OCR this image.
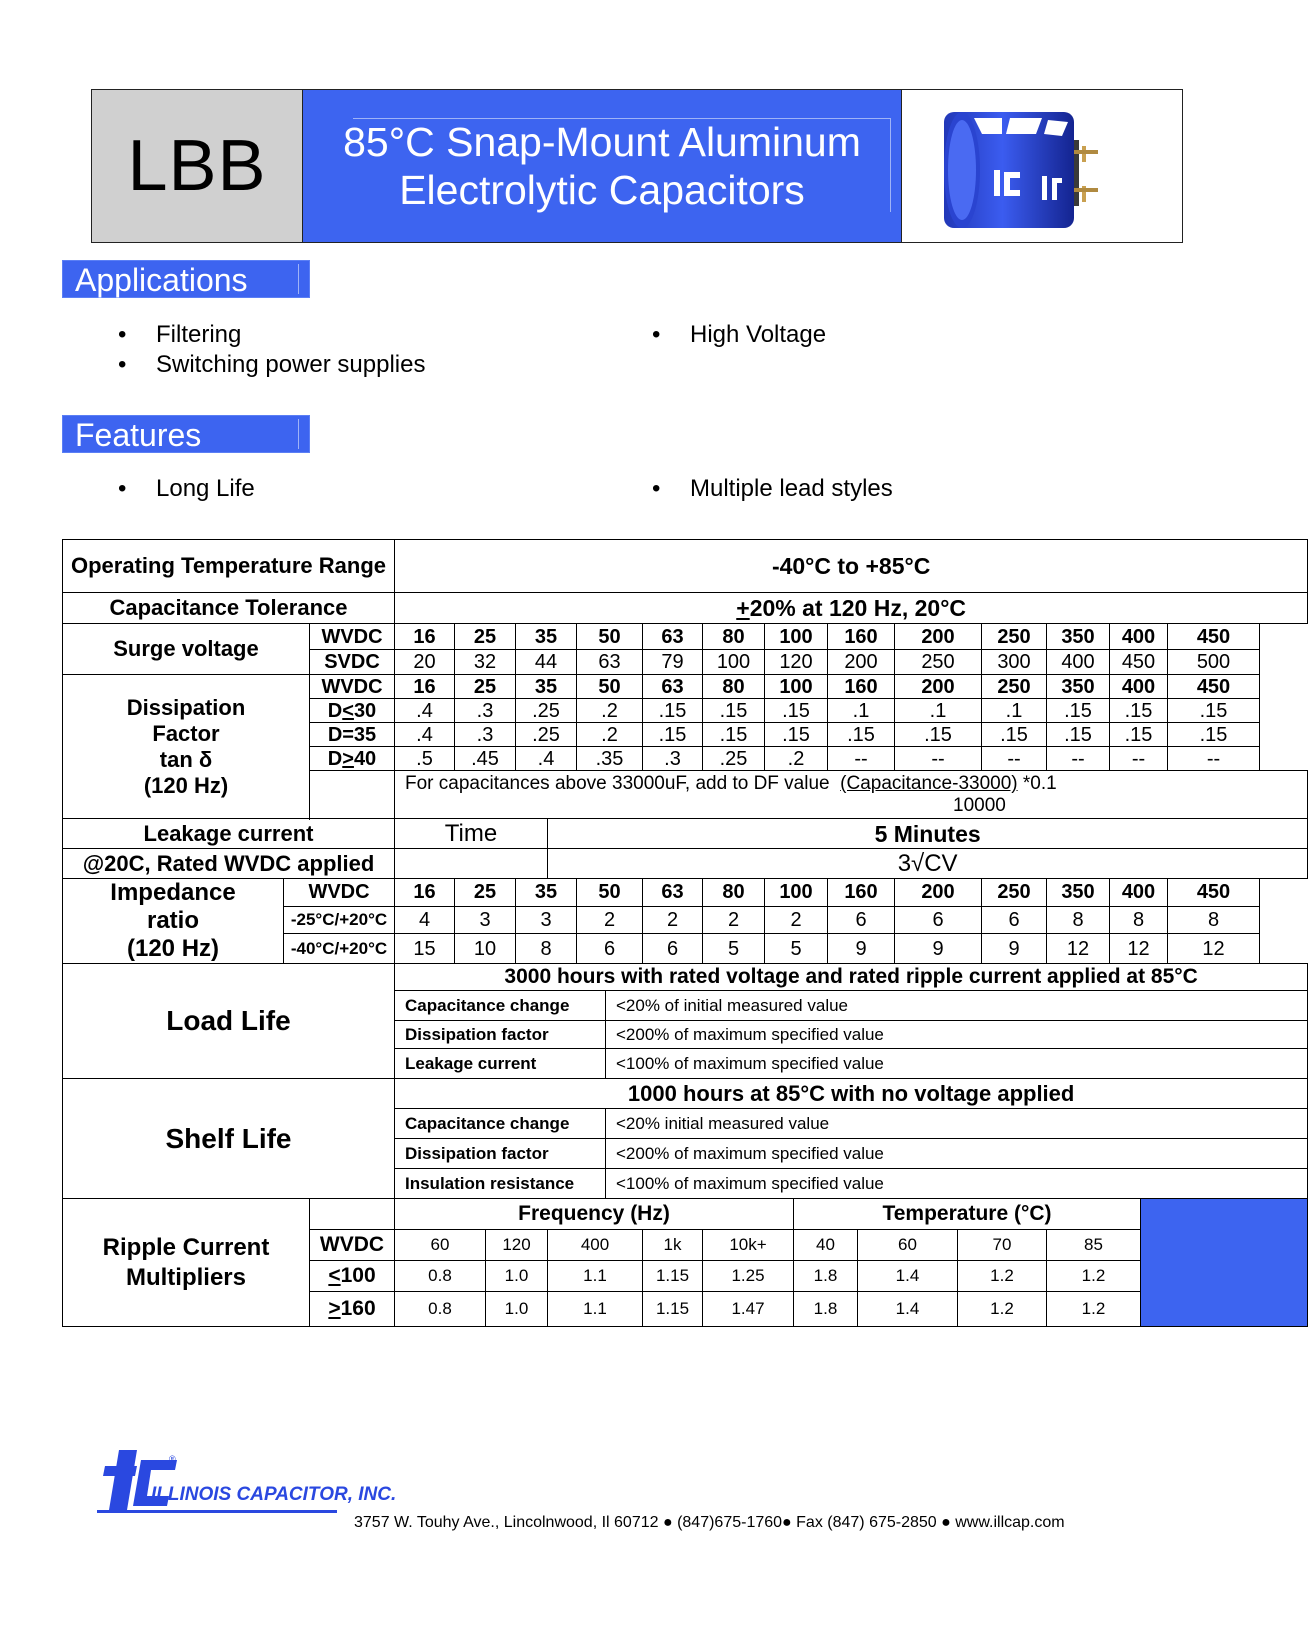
LBB	85°C Snap-Mount Aluminum
Electrolytic Capacitors
Applications
• Filtering
• Switching power supplies
• High Voltage
Features
• Long Life	• Multiple lead styles
Operating Temperature Range			-40°C to +85°C																			
Capacitance Tolerance			+20% at 120 Hz, 20°C																			
Surge voltage		WVDC	16	25		35		50		63	80	100		160		200		250	350	400		450
		SVDC	20	32		44		63		79	100	120		200		250		300	400	450		500

Dissipation
Factor
tan δ
(120 Hz)		WVDC	16	25		35		50		63	80	100		160		200		250	350	400		450
		D<30	.4	.3		.25		.2		.15	.15	.15		.1		.1		.1	.15	.15		.15
		D=35	.4	.3		.25		.2		.15	.15	.15		.15		.15		.15	.15	.15		.15
		D>40	.5	.45		.4		.35		.3	.25	.2		--		--		--	--	--		--

			For capacitances above 33000uF, add to DF value (Capacitance-33000) *0.1
10000																			

Leakage current			Time				5 Minutes															
@20C, Rated WVDC applied							3√CV															

Impedance
ratio
(120 Hz)	WVDC		16	25		35		50		63	80	100		160		200		250	350	400		450
	-25°C/+20°C		4	3		3		2		2	2	2		6		6		6	8	8		8
	-40°C/+20°C		15	10		8		6		6	5	5		9		9		9	12	12		12
Load Life			3000 hours with rated voltage and rated ripple current applied at 85°C																			
			Capacitance change						<20% of initial measured value													
			Dissipation factor						<200% of maximum specified value													
			Leakage current						<100% of maximum specified value													
Shelf Life			1000 hours at 85°C with no voltage applied																			
			Capacitance change						<20% initial measured value													
			Dissipation factor						<200% of maximum specified value													
			Insulation resistance						<100% of maximum specified value													

Ripple Current
Multipliers			Frequency (Hz)										Temperature (°C)									
		WVDC	60		120		400			1k	10k+		40		60		70		85			
		<100	0.8		1.0		1.1			1.15	1.25		1.8		1.4		1.2		1.2			
		>160	0.8		1.0		1.1			1.15	1.47		1.8		1.4		1.2		1.2			
ILLINOIS CAPACITOR, INC.
®
3757 W. Touhy Ave., Lincolnwood, Il 60712 ● (847)675-1760● Fax (847) 675-2850 ● www.illcap.com
